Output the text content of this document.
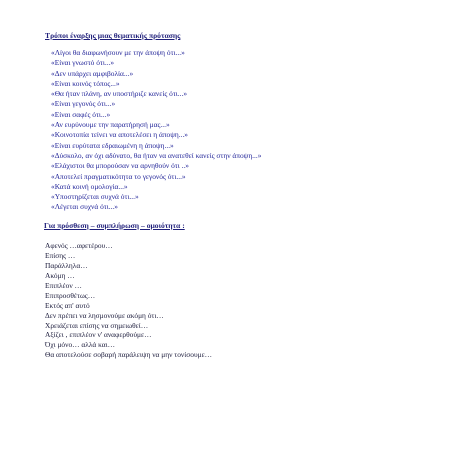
Τρόποι έναρξης μιας θεματικής πρότασης
«Λίγοι θα διαφωνήσουν με την άποψη ότι...»
«Είναι γνωστό ότι...»
«Δεν υπάρχει αμφιβολία...»
«Είναι κοινός τόπος...»
«Θα ήταν πλάνη, αν υποστήριζε κανείς ότι...»
«Είναι γεγονός ότι...»
«Είναι σαφές ότι...»
«Αν ευρύνουμε την παρατήρησή μας...»
«Κοινοτοπία τείνει να αποτελέσει η άποψη...»
«Είναι ευρύτατα εδραιωμένη η άποψη...»
«Δύσκολο, αν όχι αδύνατο, θα ήταν να ανατεθεί κανείς στην άποψη...»
«Ελάχιστοι θα μπορούσαν να αρνηθούν ότι ..»
«Αποτελεί πραγματικότητα το γεγονός ότι...»
«Κατά κοινή ομολογία...»
«Υποστηρίζεται συχνά ότι...»
«Λέγεται συχνά ότι...»
Για πρόσθεση – συμπλήρωση – ομοιότητα :
Αφενός …αφετέρου…
Επίσης …
Παράλληλα…
Ακόμη …
Επιπλέον …
Επιπροσθέτως…
Εκτός απ' αυτό
Δεν πρέπει να λησμονούμε ακόμη ότι…
Χρειάζεται επίσης να σημειωθεί…
Αξίζει , επιπλέον ν' αναφερθούμε…
Όχι μόνο… αλλά και…
Θα αποτελούσε σοβαρή παράλειψη να μην τονίσουμε…
